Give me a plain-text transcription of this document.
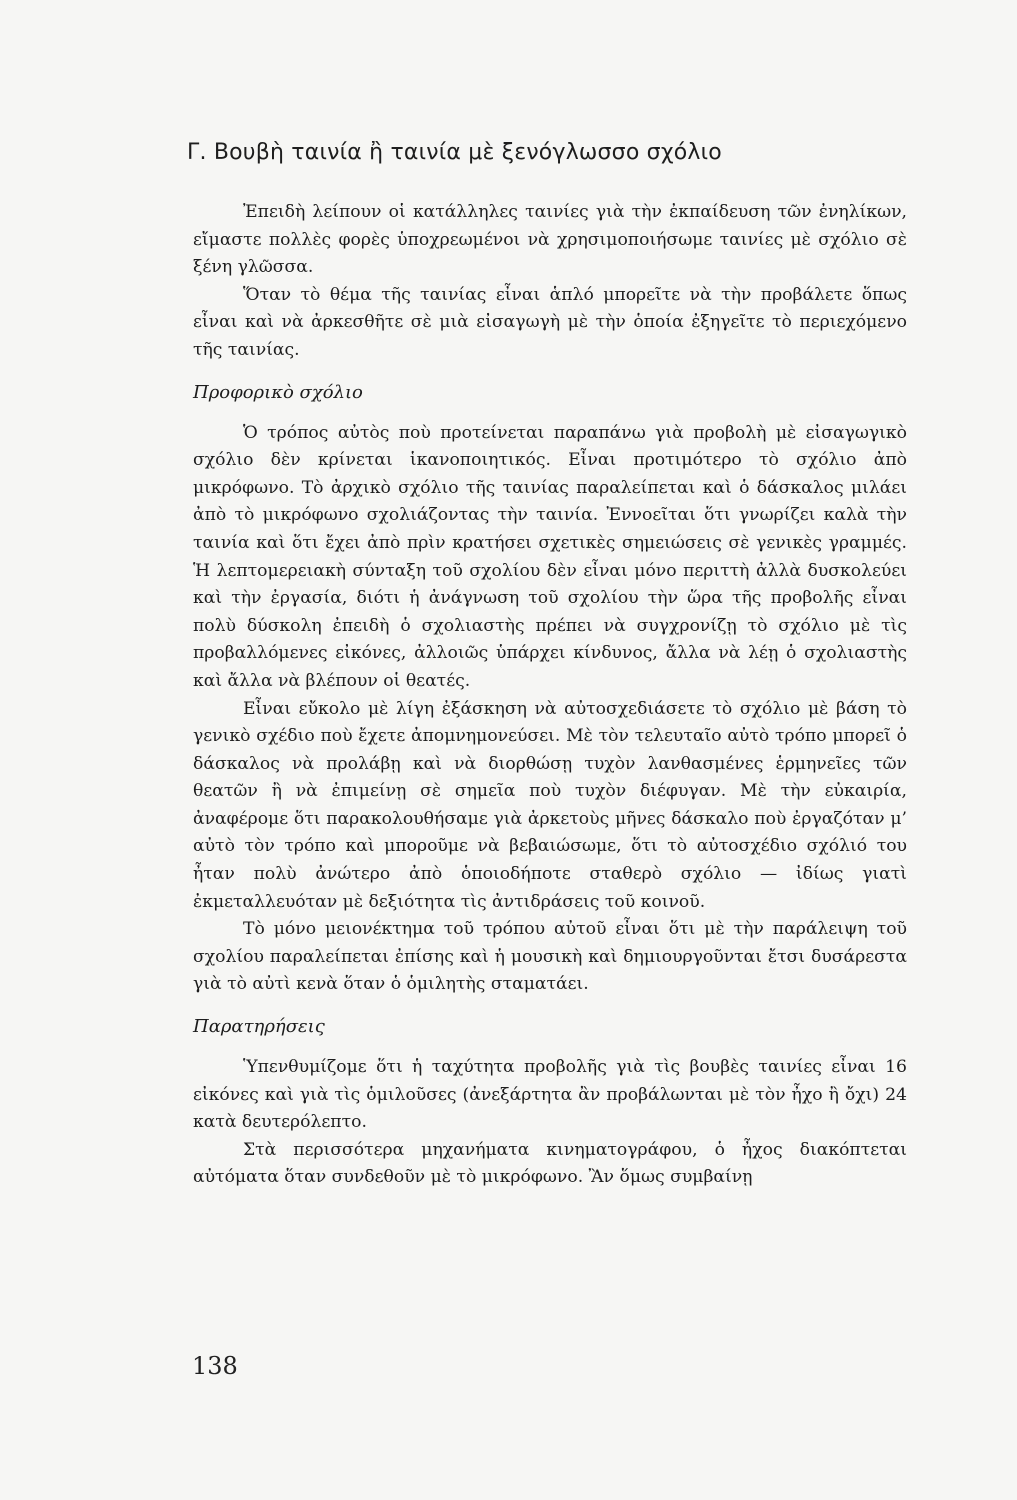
Γ. Βουβὴ ταινία ἢ ταινία μὲ ξενόγλωσσο σχόλιο

Ἐπειδὴ λείπουν οἱ κατάλληλες ταινίες γιὰ τὴν ἐκπαίδευση τῶν ἐνηλίκων, εἴμαστε πολλὲς φορὲς ὑποχρεωμένοι νὰ χρησιμοποιήσωμε ταινίες μὲ σχόλιο σὲ ξένη γλῶσσα.

Ὅταν τὸ θέμα τῆς ταινίας εἶναι ἁπλό μπορεῖτε νὰ τὴν προβάλετε ὅπως εἶναι καὶ νὰ ἀρκεσθῆτε σὲ μιὰ εἰσαγωγὴ μὲ τὴν ὁποία ἐξηγεῖτε τὸ περιεχόμενο τῆς ταινίας.

Προφορικὸ σχόλιο

Ὁ τρόπος αὐτὸς ποὺ προτείνεται παραπάνω γιὰ προβολὴ μὲ εἰσαγωγικὸ σχόλιο δὲν κρίνεται ἱκανοποιητικός. Εἶναι προτιμότερο τὸ σχόλιο ἀπὸ μικρόφωνο. Τὸ ἀρχικὸ σχόλιο τῆς ταινίας παραλείπεται καὶ ὁ δάσκαλος μιλάει ἀπὸ τὸ μικρόφωνο σχολιάζοντας τὴν ταινία. Ἐννοεῖται ὅτι γνωρίζει καλὰ τὴν ταινία καὶ ὅτι ἔχει ἀπὸ πρὶν κρατήσει σχετικὲς σημειώσεις σὲ γενικὲς γραμμές. Ἡ λεπτομερειακὴ σύνταξη τοῦ σχολίου δὲν εἶναι μόνο περιττὴ ἀλλὰ δυσκολεύει καὶ τὴν ἐργασία, διότι ἡ ἀνάγνωση τοῦ σχολίου τὴν ὥρα τῆς προβολῆς εἶναι πολὺ δύσκολη ἐπειδὴ ὁ σχολιαστὴς πρέπει νὰ συγχρονίζῃ τὸ σχόλιο μὲ τὶς προβαλλόμενες εἰκόνες, ἀλλοιῶς ὑπάρχει κίνδυνος, ἄλλα νὰ λέῃ ὁ σχολιαστὴς καὶ ἄλλα νὰ βλέπουν οἱ θεατές.

Εἶναι εὔκολο μὲ λίγη ἐξάσκηση νὰ αὐτοσχεδιάσετε τὸ σχόλιο μὲ βάση τὸ γενικὸ σχέδιο ποὺ ἔχετε ἀπομνημονεύσει. Μὲ τὸν τελευταῖο αὐτὸ τρόπο μπορεῖ ὁ δάσκαλος νὰ προλάβῃ καὶ νὰ διορθώσῃ τυχὸν λανθασμένες ἑρμηνεῖες τῶν θεατῶν ἢ νὰ ἐπιμείνῃ σὲ σημεῖα ποὺ τυχὸν διέφυγαν. Μὲ τὴν εὐκαιρία, ἀναφέρομε ὅτι παρακολουθήσαμε γιὰ ἀρκετοὺς μῆνες δάσκαλο ποὺ ἐργαζόταν μ’ αὐτὸ τὸν τρόπο καὶ μποροῦμε νὰ βεβαιώσωμε, ὅτι τὸ αὐτοσχέδιο σχόλιό του ἦταν πολὺ ἀνώτερο ἀπὸ ὁποιοδήποτε σταθερὸ σχόλιο — ἰδίως γιατὶ ἐκμεταλλευόταν μὲ δεξιότητα τὶς ἀντιδράσεις τοῦ κοινοῦ.

Τὸ μόνο μειονέκτημα τοῦ τρόπου αὐτοῦ εἶναι ὅτι μὲ τὴν παράλειψη τοῦ σχολίου παραλείπεται ἐπίσης καὶ ἡ μουσικὴ καὶ δημιουργοῦνται ἔτσι δυσάρεστα γιὰ τὸ αὐτὶ κενὰ ὅταν ὁ ὁμιλητὴς σταματάει.

Παρατηρήσεις

Ὑπενθυμίζομε ὅτι ἡ ταχύτητα προβολῆς γιὰ τὶς βουβὲς ταινίες εἶναι 16 εἰκόνες καὶ γιὰ τὶς ὁμιλοῦσες (ἀνεξάρτητα ἂν προβάλωνται μὲ τὸν ἦχο ἢ ὄχι) 24 κατὰ δευτερόλεπτο.

Στὰ περισσότερα μηχανήματα κινηματογράφου, ὁ ἦχος διακόπτεται αὐτόματα ὅταν συνδεθοῦν μὲ τὸ μικρόφωνο. Ἂν ὅμως συμβαίνῃ

138
